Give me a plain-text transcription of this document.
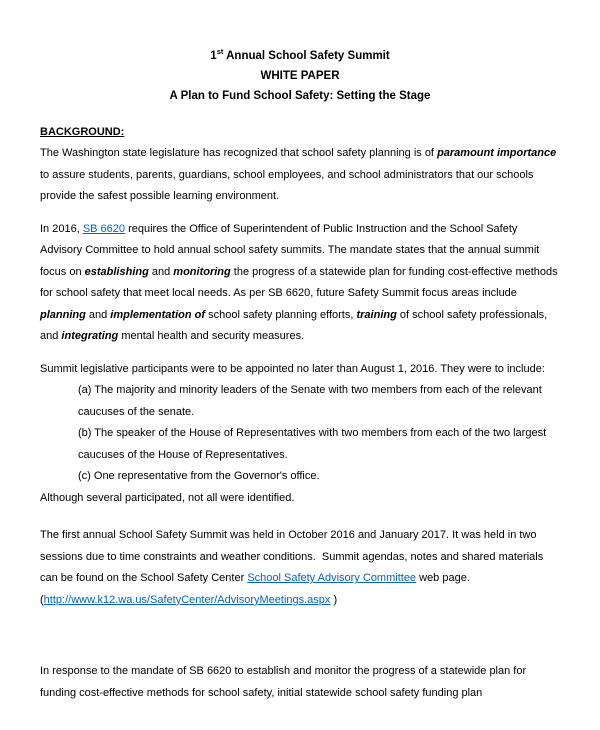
1st Annual School Safety Summit
WHITE PAPER
A Plan to Fund School Safety: Setting the Stage
BACKGROUND:

The Washington state legislature has recognized that school safety planning is of paramount importance to assure students, parents, guardians, school employees, and school administrators that our schools provide the safest possible learning environment.

In 2016, SB 6620 requires the Office of Superintendent of Public Instruction and the School Safety Advisory Committee to hold annual school safety summits. The mandate states that the annual summit focus on establishing and monitoring the progress of a statewide plan for funding cost-effective methods for school safety that meet local needs. As per SB 6620, future Safety Summit focus areas include planning and implementation of school safety planning efforts, training of school safety professionals, and integrating mental health and security measures.

Summit legislative participants were to be appointed no later than August 1, 2016. They were to include:

(a) The majority and minority leaders of the Senate with two members from each of the relevant caucuses of the senate.
(b) The speaker of the House of Representatives with two members from each of the two largest caucuses of the House of Representatives.
(c) One representative from the Governor's office.

Although several participated, not all were identified.

The first annual School Safety Summit was held in October 2016 and January 2017. It was held in two sessions due to time constraints and weather conditions.  Summit agendas, notes and shared materials can be found on the School Safety Center School Safety Advisory Committee web page.

(http://www.k12.wa.us/SafetyCenter/AdvisoryMeetings.aspx )

In response to the mandate of SB 6620 to establish and monitor the progress of a statewide plan for funding cost-effective methods for school safety, initial statewide school safety funding plan
